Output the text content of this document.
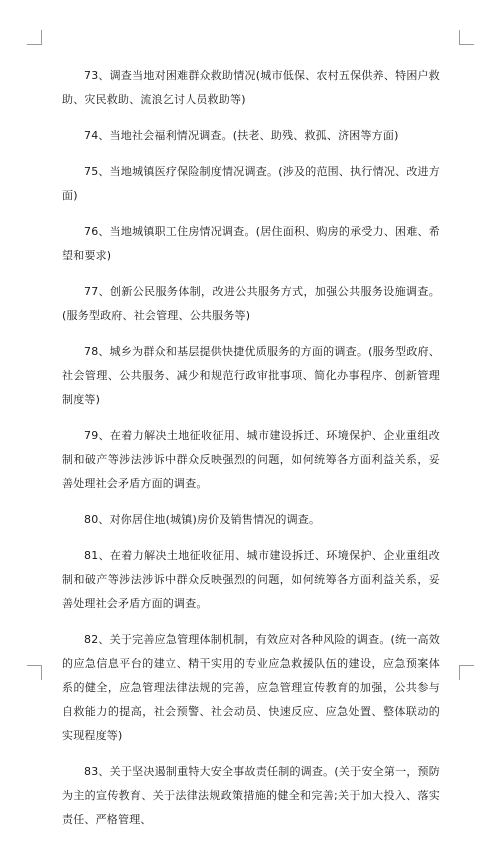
73、调查当地对困难群众救助情况(城市低保、农村五保供养、特困户救助、灾民救助、流浪乞讨人员救助等)

74、当地社会福利情况调查。(扶老、助残、救孤、济困等方面)

75、当地城镇医疗保险制度情况调查。(涉及的范围、执行情况、改进方面)

76、当地城镇职工住房情况调查。(居住面积、购房的承受力、困难、希望和要求)

77、创新公民服务体制，改进公共服务方式，加强公共服务设施调查。(服务型政府、社会管理、公共服务等)

78、城乡为群众和基层提供快捷优质服务的方面的调查。(服务型政府、社会管理、公共服务、减少和规范行政审批事项、简化办事程序、创新管理制度等)

79、在着力解决土地征收征用、城市建设拆迁、环境保护、企业重组改制和破产等涉法涉诉中群众反映强烈的问题，如何统筹各方面利益关系，妥善处理社会矛盾方面的调查。

80、对你居住地(城镇)房价及销售情况的调查。

81、在着力解决土地征收征用、城市建设拆迁、环境保护、企业重组改制和破产等涉法涉诉中群众反映强烈的问题，如何统筹各方面利益关系，妥善处理社会矛盾方面的调查。

82、关于完善应急管理体制机制，有效应对各种风险的调查。(统一高效的应急信息平台的建立、精干实用的专业应急救援队伍的建设，应急预案体系的健全，应急管理法律法规的完善，应急管理宣传教育的加强，公共参与自救能力的提高，社会预警、社会动员、快速反应、应急处置、整体联动的实现程度等)

83、关于坚决遏制重特大安全事故责任制的调查。(关于安全第一，预防为主的宣传教育、关于法律法规政策措施的健全和完善;关于加大投入、落实责任、严格管理、
